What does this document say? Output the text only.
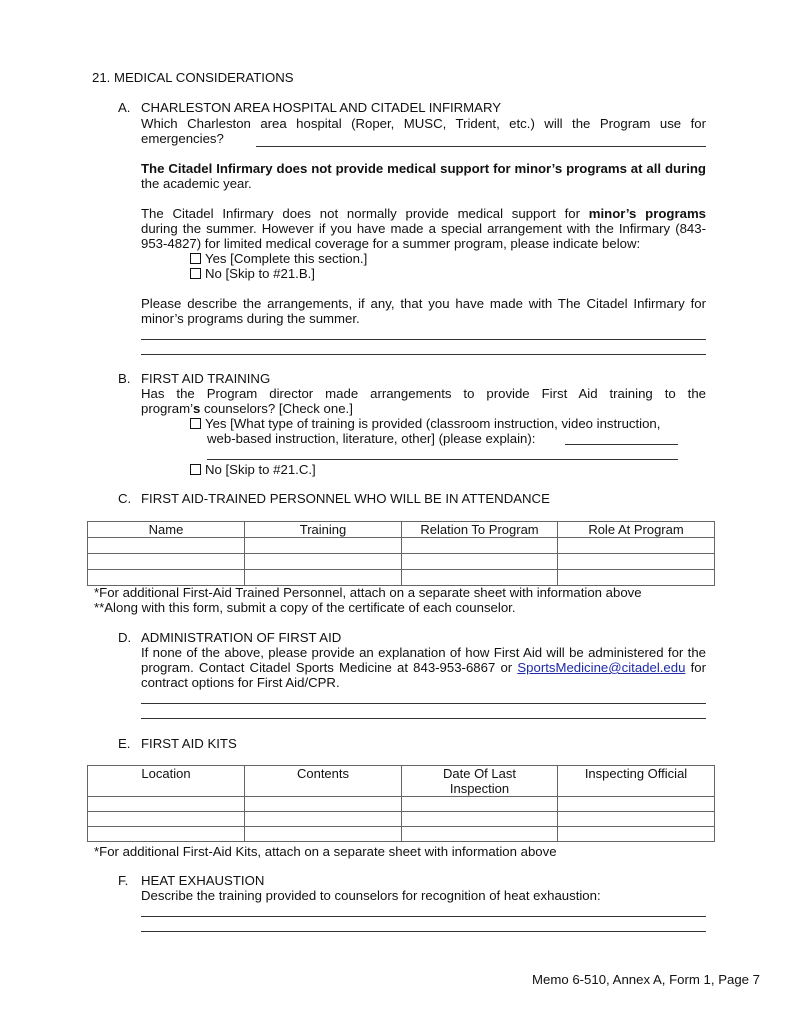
21. MEDICAL CONSIDERATIONS
A. CHARLESTON AREA HOSPITAL AND CITADEL INFIRMARY
Which Charleston area hospital (Roper, MUSC, Trident, etc.) will the Program use for
emergencies?
The Citadel Infirmary does not provide medical support for minor’s programs at all during
the academic year.
The Citadel Infirmary does not normally provide medical support for minor’s programs
during the summer. However if you have made a special arrangement with the Infirmary (843-
953-4827) for limited medical coverage for a summer program, please indicate below:
Yes [Complete this section.]
No [Skip to #21.B.]
Please describe the arrangements, if any, that you have made with The Citadel Infirmary for
minor’s programs during the summer.
B. FIRST AID TRAINING
Has the Program director made arrangements to provide First Aid training to the
program’s counselors? [Check one.]
Yes [What type of training is provided (classroom instruction, video instruction,
web-based instruction, literature, other] (please explain):
No [Skip to #21.C.]
C. FIRST AID-TRAINED PERSONNEL WHO WILL BE IN ATTENDANCE
Name	Training	Relation To Program	Role At Program

*For additional First-Aid Trained Personnel, attach on a separate sheet with information above
**Along with this form, submit a copy of the certificate of each counselor.
D. ADMINISTRATION OF FIRST AID
If none of the above, please provide an explanation of how First Aid will be administered for the
program. Contact Citadel Sports Medicine at 843-953-6867 or SportsMedicine@citadel.edu for
contract options for First Aid/CPR.
E. FIRST AID KITS
Location	Contents	Date Of Last Inspection	Inspecting Official

*For additional First-Aid Kits, attach on a separate sheet with information above
F. HEAT EXHAUSTION
Describe the training provided to counselors for recognition of heat exhaustion:
Memo 6-510, Annex A, Form 1, Page 7
